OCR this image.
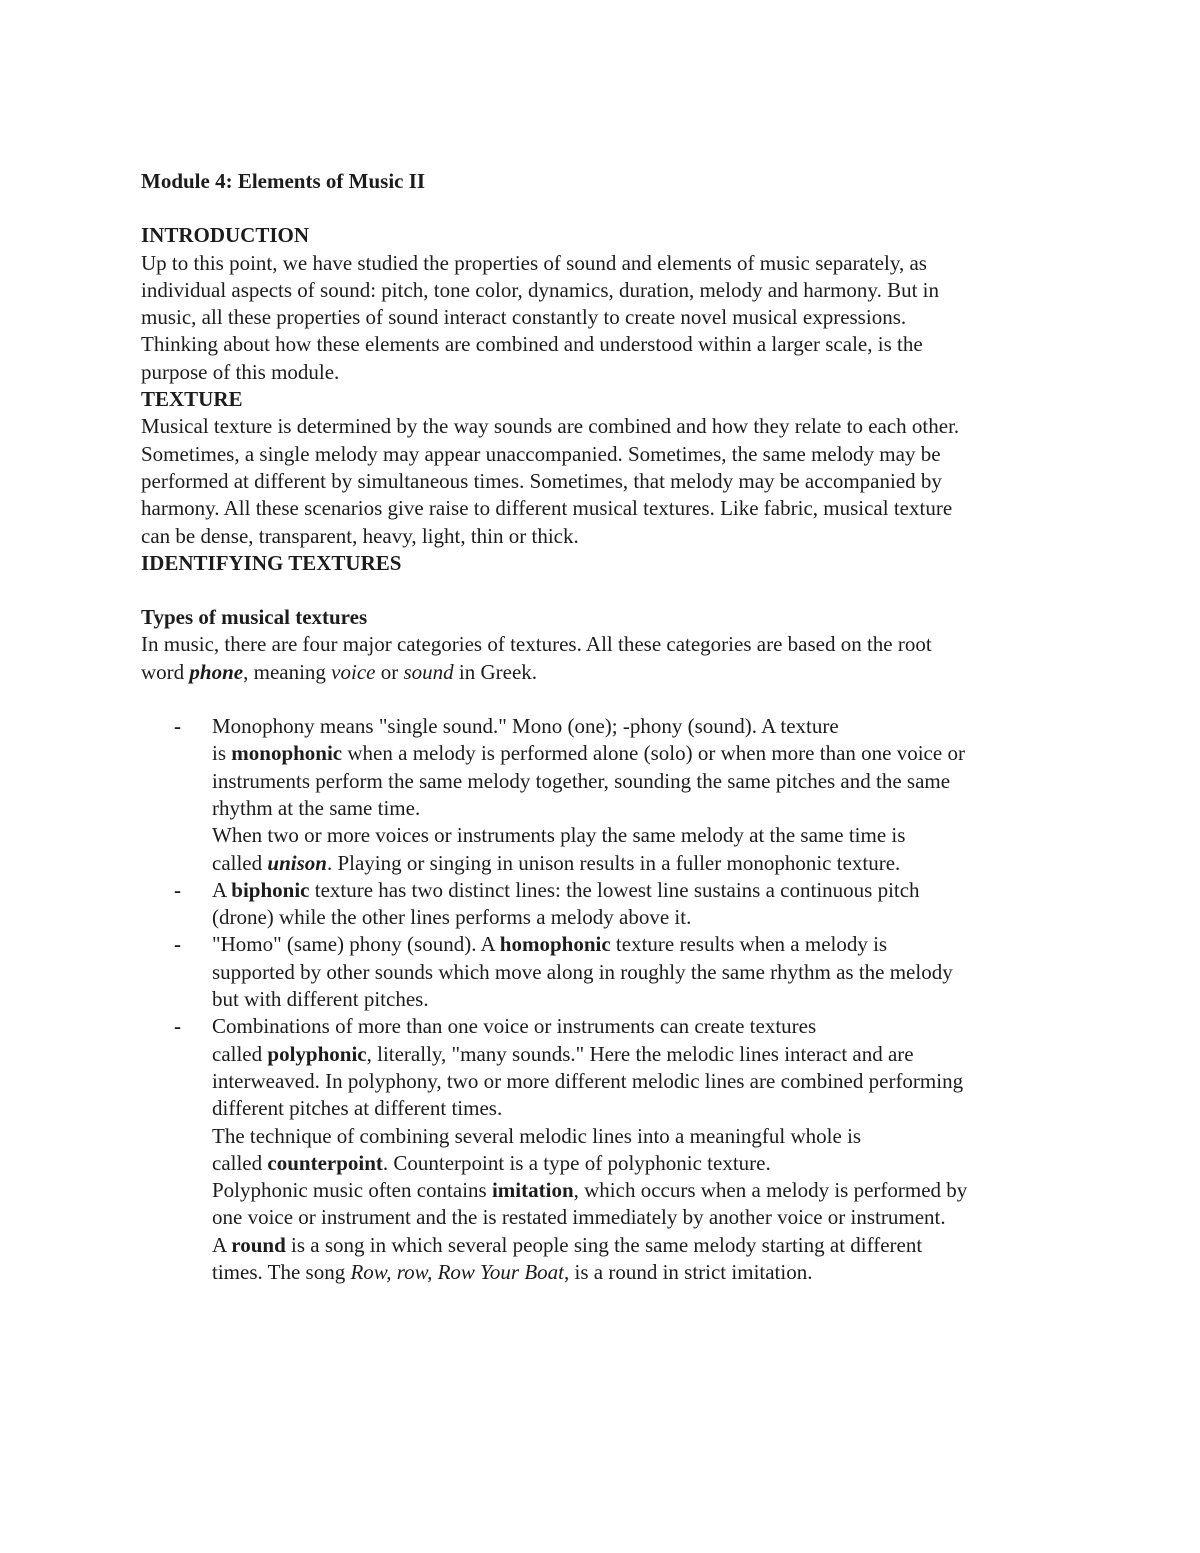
Module 4: Elements of Music II
INTRODUCTION

Up to this point, we have studied the properties of sound and elements of music separately, as
individual aspects of sound: pitch, tone color, dynamics, duration, melody and harmony. But in
music, all these properties of sound interact constantly to create novel musical expressions.
Thinking about how these elements are combined and understood within a larger scale, is the
purpose of this module.

TEXTURE

Musical texture is determined by the way sounds are combined and how they relate to each other.
Sometimes, a single melody may appear unaccompanied. Sometimes, the same melody may be
performed at different by simultaneous times. Sometimes, that melody may be accompanied by
harmony. All these scenarios give raise to different musical textures. Like fabric, musical texture
can be dense, transparent, heavy, light, thin or thick.

IDENTIFYING TEXTURES
Types of musical textures

In music, there are four major categories of textures. All these categories are based on the root
word phone, meaning voice or sound in Greek.

- Monophony means "single sound." Mono (one); -phony (sound). A texture
is monophonic when a melody is performed alone (solo) or when more than one voice or
instruments perform the same melody together, sounding the same pitches and the same
rhythm at the same time.
When two or more voices or instruments play the same melody at the same time is
called unison. Playing or singing in unison results in a fuller monophonic texture.
- A biphonic texture has two distinct lines: the lowest line sustains a continuous pitch
(drone) while the other lines performs a melody above it.
- "Homo" (same) phony (sound). A homophonic texture results when a melody is
supported by other sounds which move along in roughly the same rhythm as the melody
but with different pitches.
- Combinations of more than one voice or instruments can create textures
called polyphonic, literally, "many sounds." Here the melodic lines interact and are
interweaved. In polyphony, two or more different melodic lines are combined performing
different pitches at different times.
The technique of combining several melodic lines into a meaningful whole is
called counterpoint. Counterpoint is a type of polyphonic texture.
Polyphonic music often contains imitation, which occurs when a melody is performed by
one voice or instrument and the is restated immediately by another voice or instrument.
A round is a song in which several people sing the same melody starting at different
times. The song Row, row, Row Your Boat, is a round in strict imitation.
